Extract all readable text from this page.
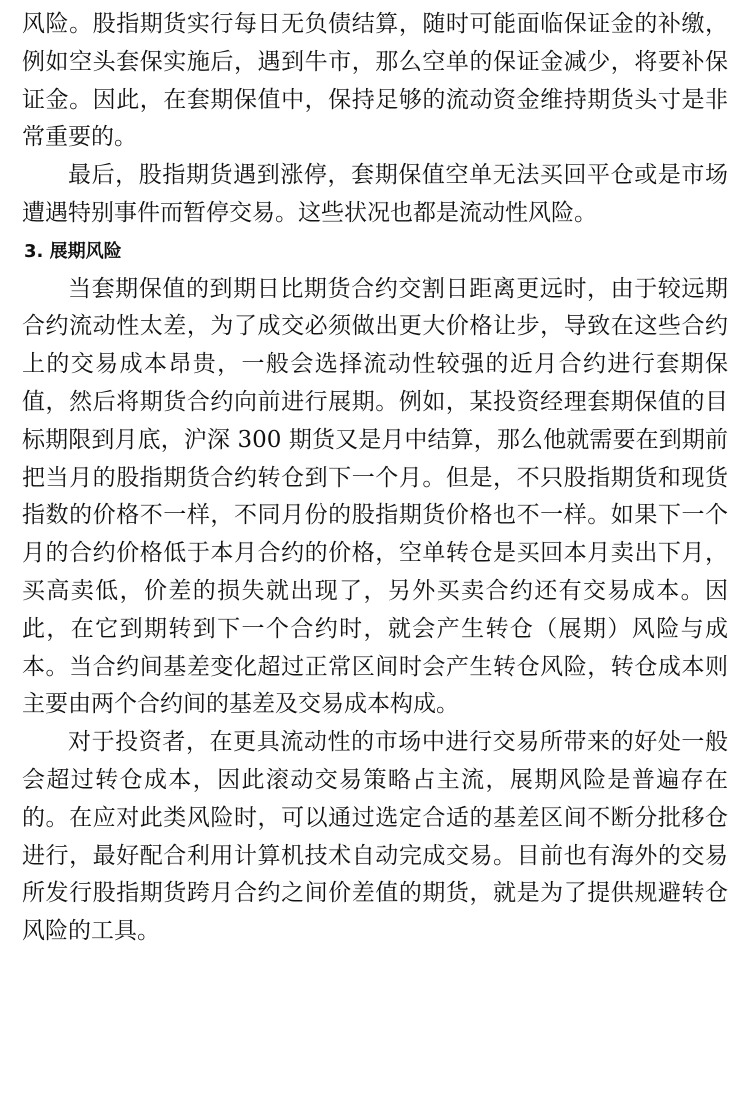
风险。股指期货实行每日无负债结算，随时可能面临保证金的补缴，例如空头套保实施后，遇到牛市，那么空单的保证金减少，将要补保证金。因此，在套期保值中，保持足够的流动资金维持期货头寸是非常重要的。

最后，股指期货遇到涨停，套期保值空单无法买回平仓或是市场遭遇特别事件而暂停交易。这些状况也都是流动性风险。

3. 展期风险

当套期保值的到期日比期货合约交割日距离更远时，由于较远期合约流动性太差，为了成交必须做出更大价格让步，导致在这些合约上的交易成本昂贵，一般会选择流动性较强的近月合约进行套期保值，然后将期货合约向前进行展期。例如，某投资经理套期保值的目标期限到月底，沪深 300 期货又是月中结算，那么他就需要在到期前把当月的股指期货合约转仓到下一个月。但是，不只股指期货和现货指数的价格不一样，不同月份的股指期货价格也不一样。如果下一个月的合约价格低于本月合约的价格，空单转仓是买回本月卖出下月，买高卖低，价差的损失就出现了，另外买卖合约还有交易成本。因此，在它到期转到下一个合约时，就会产生转仓（展期）风险与成本。当合约间基差变化超过正常区间时会产生转仓风险，转仓成本则主要由两个合约间的基差及交易成本构成。

对于投资者，在更具流动性的市场中进行交易所带来的好处一般会超过转仓成本，因此滚动交易策略占主流，展期风险是普遍存在的。在应对此类风险时，可以通过选定合适的基差区间不断分批移仓进行，最好配合利用计算机技术自动完成交易。目前也有海外的交易所发行股指期货跨月合约之间价差值的期货，就是为了提供规避转仓风险的工具。
